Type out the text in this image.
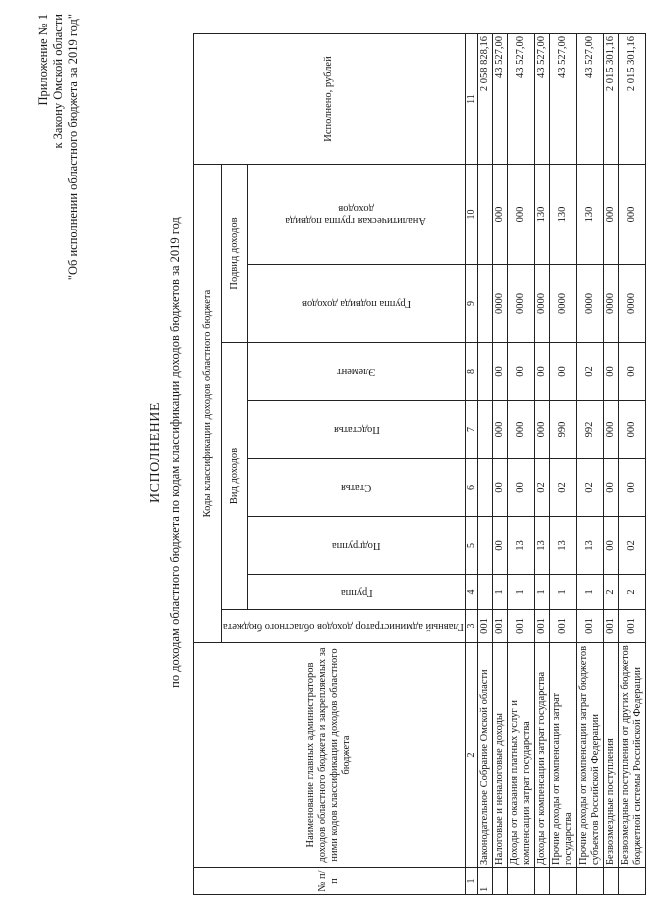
Приложение № 1 к Закону Омской области "Об исполнении областного бюджета за 2019 год"
ИСПОЛНЕНИЕ по доходам областного бюджета по кодам классификации доходов бюджетов за 2019 год
№ п/п	Наименование главных администраторов доходов областного бюджета и закрепляемых за ними кодов классификации доходов областного бюджета	Коды классификации доходов областного бюджета								Исполнено, рублей

		Главный администратор доходов областного бюджета	Вид доходов					Подвид доходов		

			Группа	Подгруппа	Статья	Подстатья	Элемент	Группа подвида доходов	Аналитическая группа подвида доходов	

1	2	3	4	5	6	7	8	9	10	11
1	Законодательное Собрание Омской области	001								2 058 828,16
	Налоговые и неналоговые доходы	001	1	00	00	000	00	0000	000	43 527,00
	Доходы от оказания платных услуг и компенсации затрат государства	001	1	13	00	000	00	0000	000	43 527,00
	Доходы от компенсации затрат государства	001	1	13	02	000	00	0000	130	43 527,00
	Прочие доходы от компенсации затрат государства	001	1	13	02	990	00	0000	130	43 527,00
	Прочие доходы от компенсации затрат бюджетов субъектов Российской Федерации	001	1	13	02	992	02	0000	130	43 527,00
	Безвозмездные поступления	001	2	00	00	000	00	0000	000	2 015 301,16
	Безвозмездные поступления от других бюджетов бюджетной системы Российской Федерации	001	2	02	00	000	00	0000	000	2 015 301,16
